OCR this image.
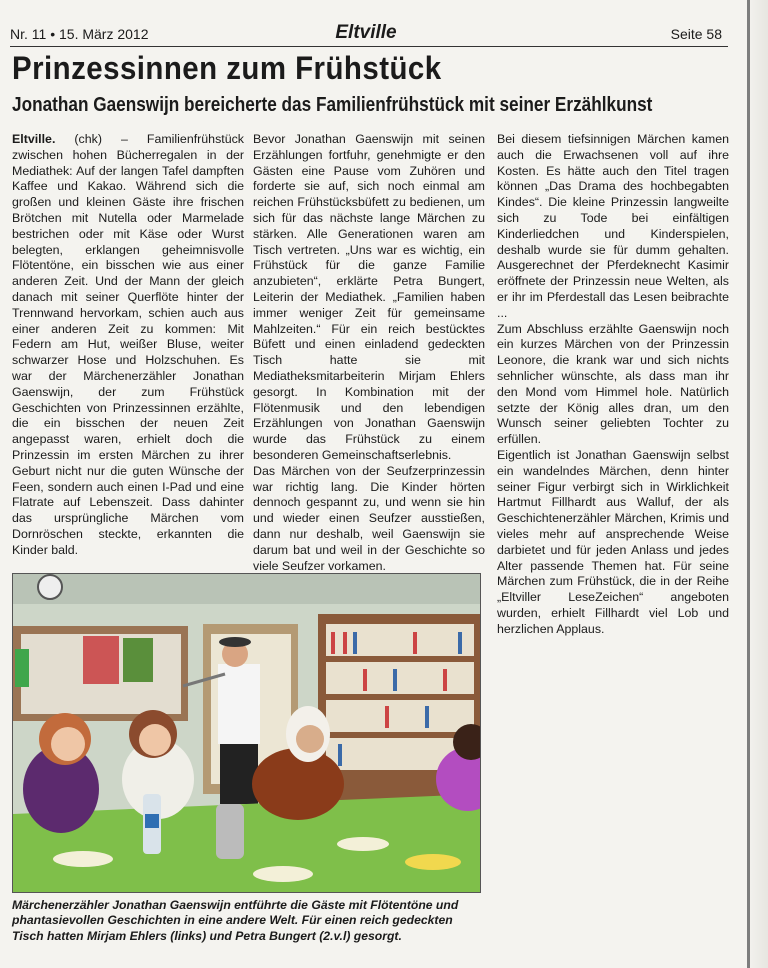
Nr. 11 • 15. März 2012	Eltville	Seite 58
Prinzessinnen zum Frühstück
Jonathan Gaenswijn bereicherte das Familienfrühstück mit seiner Erzählkunst

Eltville. (chk) – Familienfrühstück zwischen hohen Bücherregalen in der Mediathek: Auf der langen Tafel dampften Kaffee und Kakao. Während sich die großen und kleinen Gäste ihre frischen Brötchen mit Nutella oder Marmelade bestrichen oder mit Käse oder Wurst belegten, erklangen geheimnisvolle Flötentöne, ein bisschen wie aus einer anderen Zeit. Und der Mann der gleich danach mit seiner Querflöte hinter der Trennwand hervorkam, schien auch aus einer anderen Zeit zu kommen: Mit Federn am Hut, weißer Bluse, weiter schwarzer Hose und Holzschuhen. Es war der Märchenerzähler Jonathan Gaenswijn, der zum Frühstück Geschichten von Prinzessinnen erzählte, die ein bisschen der neuen Zeit angepasst waren, erhielt doch die Prinzessin im ersten Märchen zu ihrer Geburt nicht nur die guten Wünsche der Feen, sondern auch einen I-Pad und eine Flatrate auf Lebenszeit. Dass dahinter das ursprüngliche Märchen vom Dornröschen steckte, erkannten die Kinder bald.

Bevor Jonathan Gaenswijn mit seinen Erzählungen fortfuhr, genehmigte er den Gästen eine Pause vom Zuhören und forderte sie auf, sich noch einmal am reichen Frühstücksbüfett zu bedienen, um sich für das nächste lange Märchen zu stärken. Alle Generationen waren am Tisch vertreten. „Uns war es wichtig, ein Frühstück für die ganze Familie anzubieten“, erklärte Petra Bungert, Leiterin der Mediathek. „Familien haben immer weniger Zeit für gemeinsame Mahlzeiten.“ Für ein reich bestücktes Büfett und einen einladend gedeckten Tisch hatte sie mit Mediatheksmitarbeiterin Mirjam Ehlers gesorgt. In Kombination mit der Flötenmusik und den lebendigen Erzählungen von Jonathan Gaenswijn wurde das Frühstück zu einem besonderen Gemeinschaftserlebnis.

Das Märchen von der Seufzerprinzessin war richtig lang. Die Kinder hörten dennoch gespannt zu, und wenn sie hin und wieder einen Seufzer ausstießen, dann nur deshalb, weil Gaenswijn sie darum bat und weil in der Geschichte so viele Seufzer vorkamen.

Bei diesem tiefsinnigen Märchen kamen auch die Erwachsenen voll auf ihre Kosten. Es hätte auch den Titel tragen können „Das Drama des hochbegabten Kindes“. Die kleine Prinzessin langweilte sich zu Tode bei einfältigen Kinderliedchen und Kinderspielen, deshalb wurde sie für dumm gehalten. Ausgerechnet der Pferdeknecht Kasimir eröffnete der Prinzessin neue Welten, als er ihr im Pferdestall das Lesen beibrachte ...

Zum Abschluss erzählte Gaenswijn noch ein kurzes Märchen von der Prinzessin Leonore, die krank war und sich nichts sehnlicher wünschte, als dass man ihr den Mond vom Himmel hole. Natürlich setzte der König alles dran, um den Wunsch seiner geliebten Tochter zu erfüllen.

Eigentlich ist Jonathan Gaenswijn selbst ein wandelndes Märchen, denn hinter seiner Figur verbirgt sich in Wirklichkeit Hartmut Fillhardt aus Walluf, der als Geschichtenerzähler Märchen, Krimis und vieles mehr auf ansprechende Weise darbietet und für jeden Anlass und jedes Alter passende Themen hat. Für seine Märchen zum Frühstück, die in der Reihe „Eltviller LeseZeichen“ angeboten wurden, erhielt Fillhardt viel Lob und herzlichen Applaus.

Märchenerzähler Jonathan Gaenswijn entführte die Gäste mit Flötentöne und phantasievollen Geschichten in eine andere Welt. Für einen reich gedeckten Tisch hatten Mirjam Ehlers (links) und Petra Bungert (2.v.l) gesorgt.
